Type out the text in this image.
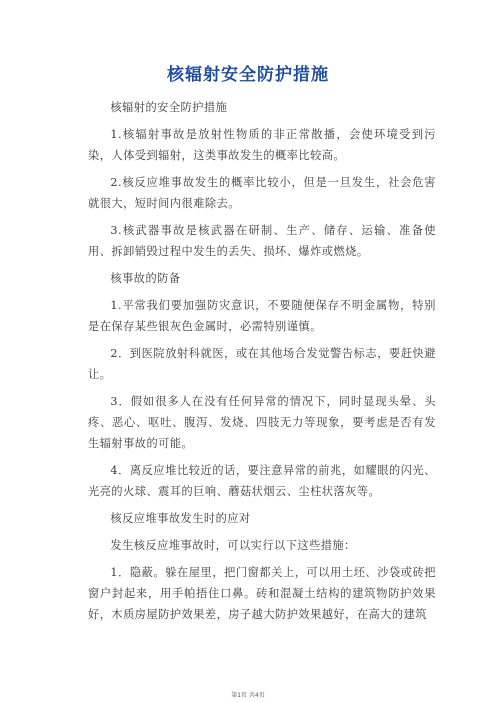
核辐射安全防护措施

核辐射的安全防护措施

1.核辐射事故是放射性物质的非正常散播，会使环境受到污染，人体受到辐射，这类事故发生的概率比较高。

2.核反应堆事故发生的概率比较小，但是一旦发生，社会危害就很大，短时间内很难除去。

3.核武器事故是核武器在研制、生产、储存、运输、准备使用、拆卸销毁过程中发生的丢失、损坏、爆炸或燃烧。

核事故的防备

1.平常我们要加强防灾意识，不要随便保存不明金属物，特别是在保存某些银灰色金属时，必需特别谨慎。

2．到医院放射科就医，或在其他场合发觉警告标志，要赶快避让。

3．假如很多人在没有任何异常的情况下，同时显现头晕、头疼、恶心、呕吐、腹泻、发烧、四肢无力等现象，要考虑是否有发生辐射事故的可能。

4．离反应堆比较近的话，要注意异常的前兆，如耀眼的闪光、光亮的火球、震耳的巨响、蘑菇状烟云、尘柱状落灰等。

核反应堆事故发生时的应对

发生核反应堆事故时，可以实行以下这些措施：

1．隐蔽。躲在屋里，把门窗都关上，可以用土坯、沙袋或砖把窗户封起来，用手帕捂住口鼻。砖和混凝土结构的建筑物防护效果好，木质房屋防护效果差，房子越大防护效果越好，在高大的建筑

第1页 共4页
